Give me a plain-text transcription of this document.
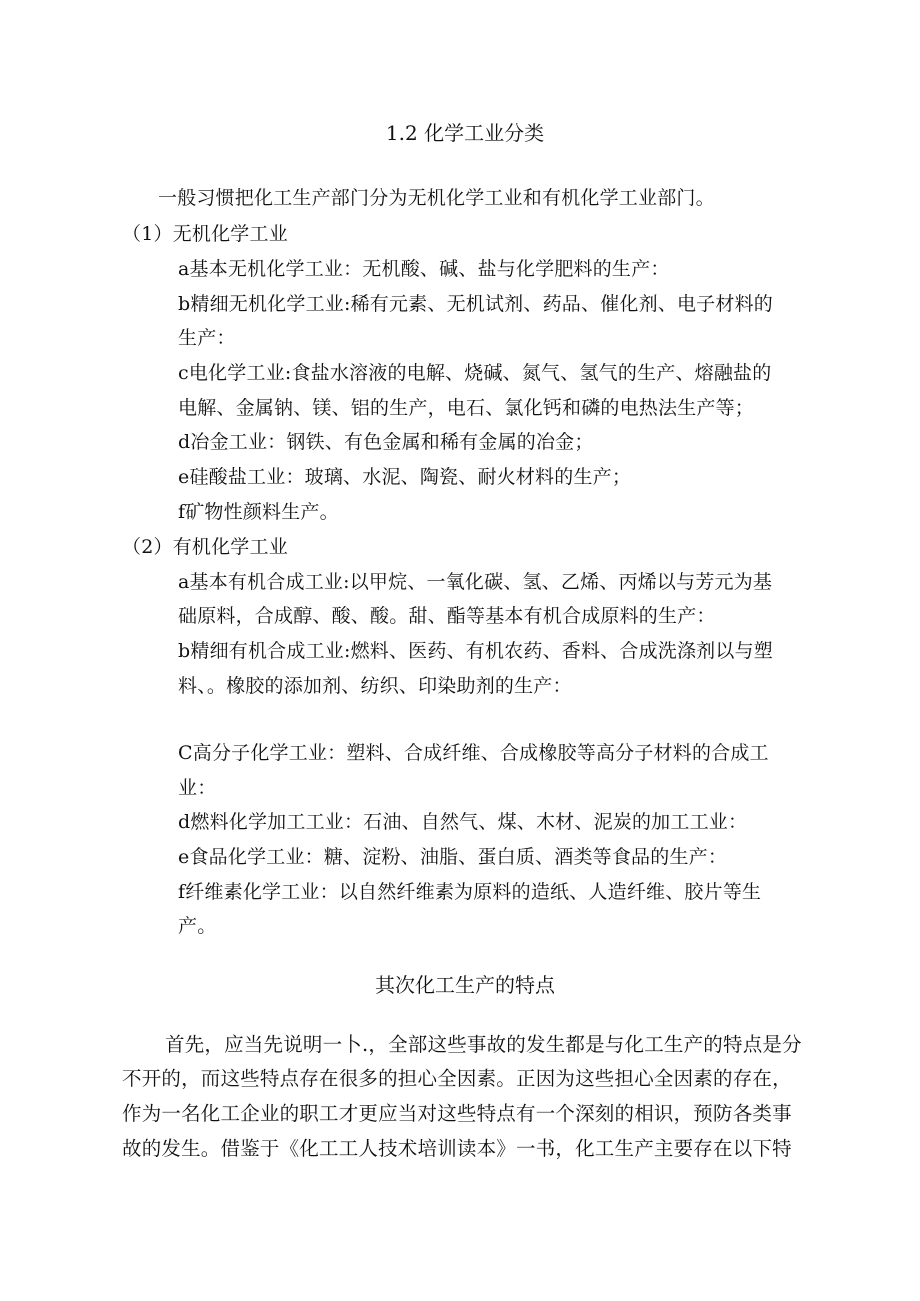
1.2 化学工业分类
一般习惯把化工生产部门分为无机化学工业和有机化学工业部门。
（1）无机化学工业
a基本无机化学工业：无机酸、碱、盐与化学肥料的生产：
b精细无机化学工业:稀有元素、无机试剂、药品、催化剂、电子材料的
生产：
c电化学工业:食盐水溶液的电解、烧碱、氮气、氢气的生产、熔融盐的
电解、金属钠、镁、铝的生产，电石、氯化钙和磷的电热法生产等；
d冶金工业：钢铁、有色金属和稀有金属的冶金；
e硅酸盐工业：玻璃、水泥、陶瓷、耐火材料的生产；
f矿物性颜料生产。
（2）有机化学工业
a基本有机合成工业:以甲烷、一氧化碳、氢、乙烯、丙烯以与芳元为基
础原料，合成醇、酸、酸。甜、酯等基本有机合成原料的生产：
b精细有机合成工业:燃料、医药、有机农药、香料、合成洗涤剂以与塑
料、。橡胶的添加剂、纺织、印染助剂的生产：
C高分子化学工业：塑料、合成纤维、合成橡胶等高分子材料的合成工
业：
d燃料化学加工工业：石油、自然气、煤、木材、泥炭的加工工业：
e食品化学工业：糖、淀粉、油脂、蛋白质、酒类等食品的生产：
f纤维素化学工业：以自然纤维素为原料的造纸、人造纤维、胶片等生
产。
其次化工生产的特点
首先，应当先说明一卜.，全部这些事故的发生都是与化工生产的特点是分
不开的，而这些特点存在很多的担心全因素。正因为这些担心全因素的存在，
作为一名化工企业的职工才更应当对这些特点有一个深刻的相识，预防各类事
故的发生。借鉴于《化工工人技术培训读本》一书，化工生产主要存在以下特
